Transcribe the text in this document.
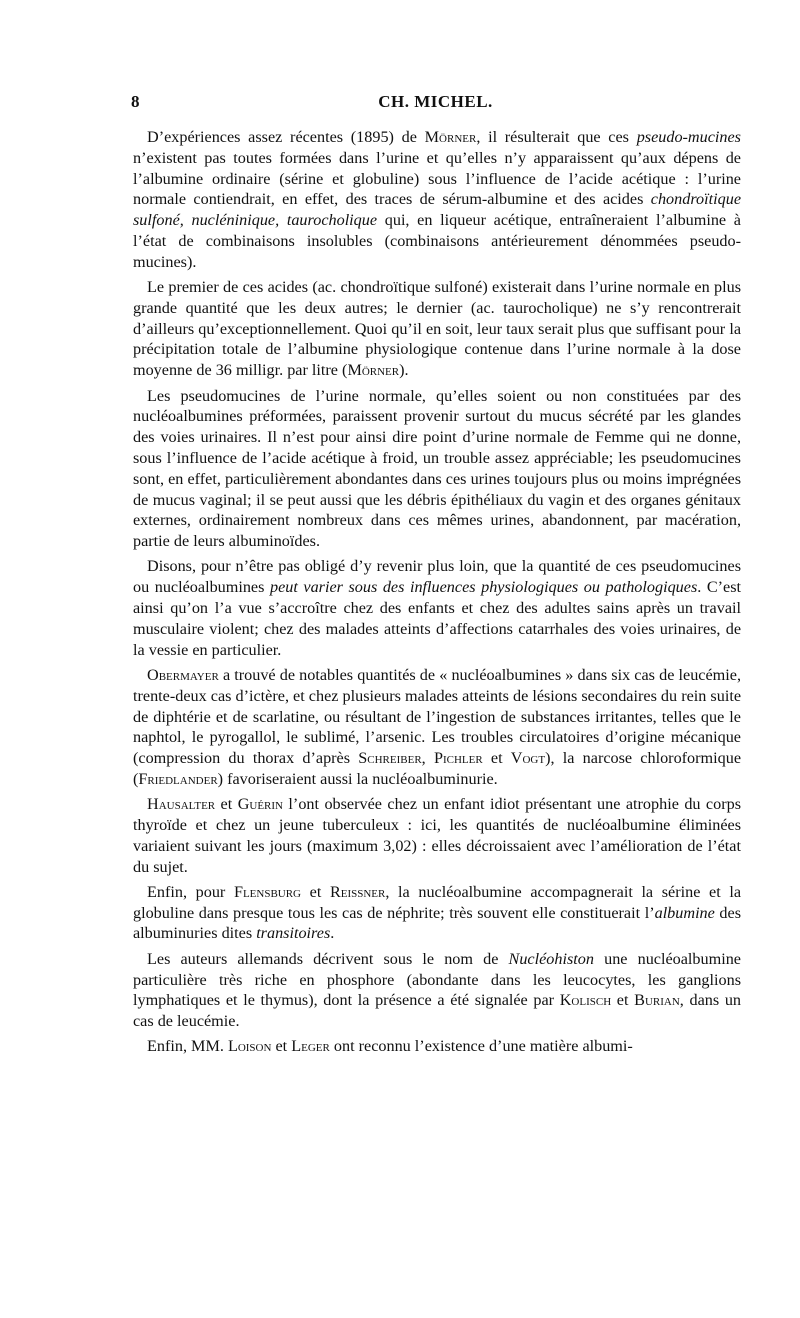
8	CH. MICHEL.

D’expériences assez récentes (1895) de Mörner, il résulterait que ces pseudo-mucines n’existent pas toutes formées dans l’urine et qu’elles n’y apparaissent qu’aux dépens de l’albumine ordinaire (sérine et globuline) sous l’influence de l’acide acétique : l’urine normale contiendrait, en effet, des traces de sérum-albumine et des acides chondroïtique sulfoné, nucléninique, taurocholique qui, en liqueur acétique, entraîneraient l’albumine à l’état de combinaisons insolubles (combinaisons antérieurement dénommées pseudo-mucines).

Le premier de ces acides (ac. chondroïtique sulfoné) existerait dans l’urine normale en plus grande quantité que les deux autres; le dernier (ac. taurocholique) ne s’y rencontrerait d’ailleurs qu’exceptionnellement. Quoi qu’il en soit, leur taux serait plus que suffisant pour la précipitation totale de l’albumine physiologique contenue dans l’urine normale à la dose moyenne de 36 milligr. par litre (Mörner).

Les pseudomucines de l’urine normale, qu’elles soient ou non constituées par des nucléoalbumines préformées, paraissent provenir surtout du mucus sécrété par les glandes des voies urinaires. Il n’est pour ainsi dire point d’urine normale de Femme qui ne donne, sous l’influence de l’acide acétique à froid, un trouble assez appréciable; les pseudomucines sont, en effet, particulièrement abondantes dans ces urines toujours plus ou moins imprégnées de mucus vaginal; il se peut aussi que les débris épithéliaux du vagin et des organes génitaux externes, ordinairement nombreux dans ces mêmes urines, abandonnent, par macération, partie de leurs albuminoïdes.

Disons, pour n’être pas obligé d’y revenir plus loin, que la quantité de ces pseudomucines ou nucléoalbumines peut varier sous des influences physiologiques ou pathologiques. C’est ainsi qu’on l’a vue s’accroître chez des enfants et chez des adultes sains après un travail musculaire violent; chez des malades atteints d’affections catarrhales des voies urinaires, de la vessie en particulier.

Obermayer a trouvé de notables quantités de « nucléoalbumines » dans six cas de leucémie, trente-deux cas d’ictère, et chez plusieurs malades atteints de lésions secondaires du rein suite de diphtérie et de scarlatine, ou résultant de l’ingestion de substances irritantes, telles que le naphtol, le pyrogallol, le sublimé, l’arsenic. Les troubles circulatoires d’origine mécanique (compression du thorax d’après Schreiber, Pichler et Vogt), la narcose chloroformique (Friedlander) favoriseraient aussi la nucléoalbuminurie.

Hausalter et Guérin l’ont observée chez un enfant idiot présentant une atrophie du corps thyroïde et chez un jeune tuberculeux : ici, les quantités de nucléoalbumine éliminées variaient suivant les jours (maximum 3,02) : elles décroissaient avec l’amélioration de l’état du sujet.

Enfin, pour Flensburg et Reissner, la nucléoalbumine accompagnerait la sérine et la globuline dans presque tous les cas de néphrite; très souvent elle constituerait l’albumine des albuminuries dites transitoires.

Les auteurs allemands décrivent sous le nom de Nucléohiston une nucléoalbumine particulière très riche en phosphore (abondante dans les leucocytes, les ganglions lymphatiques et le thymus), dont la présence a été signalée par Kolisch et Burian, dans un cas de leucémie.

Enfin, MM. Loison et Leger ont reconnu l’existence d’une matière albumi-
